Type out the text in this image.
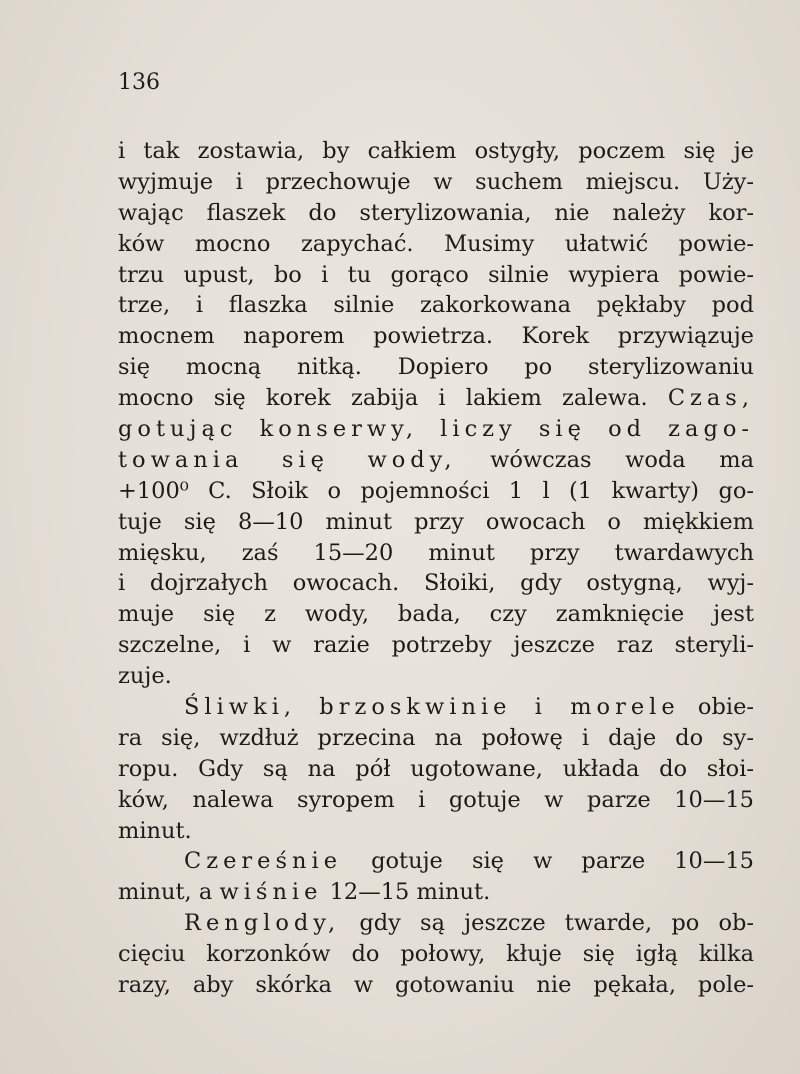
136
i tak zostawia, by całkiem ostygły, poczem się je
wyjmuje i przechowuje w suchem miejscu. Uży-
wając flaszek do sterylizowania, nie należy kor-
ków mocno zapychać. Musimy ułatwić powie-
trzu upust, bo i tu gorąco silnie wypiera powie-
trze, i flaszka silnie zakorkowana pękłaby pod
mocnem naporem powietrza. Korek przywiązuje
się mocną nitką. Dopiero po sterylizowaniu
mocno się korek zabija i lakiem zalewa. Czas,
gotując konserwy, liczy się od zago-
towania się wody, wówczas woda ma
+100⁰ C. Słoik o pojemności 1 l (1 kwarty) go-
tuje się 8—10 minut przy owocach o miękkiem
mięsku, zaś 15—20 minut przy twardawych
i dojrzałych owocach. Słoiki, gdy ostygną, wyj-
muje się z wody, bada, czy zamknięcie jest
szczelne, i w razie potrzeby jeszcze raz steryli-
zuje.
Śliwki, brzoskwinie i morele obie-
ra się, wzdłuż przecina na połowę i daje do sy-
ropu. Gdy są na pół ugotowane, układa do słoi-
ków, nalewa syropem i gotuje w parze 10—15
minut.
Czereśnie gotuje się w parze 10—15
minut, a wiśnie 12—15 minut.
Renglody, gdy są jeszcze twarde, po ob-
cięciu korzonków do połowy, kłuje się igłą kilka
razy, aby skórka w gotowaniu nie pękała, pole-
